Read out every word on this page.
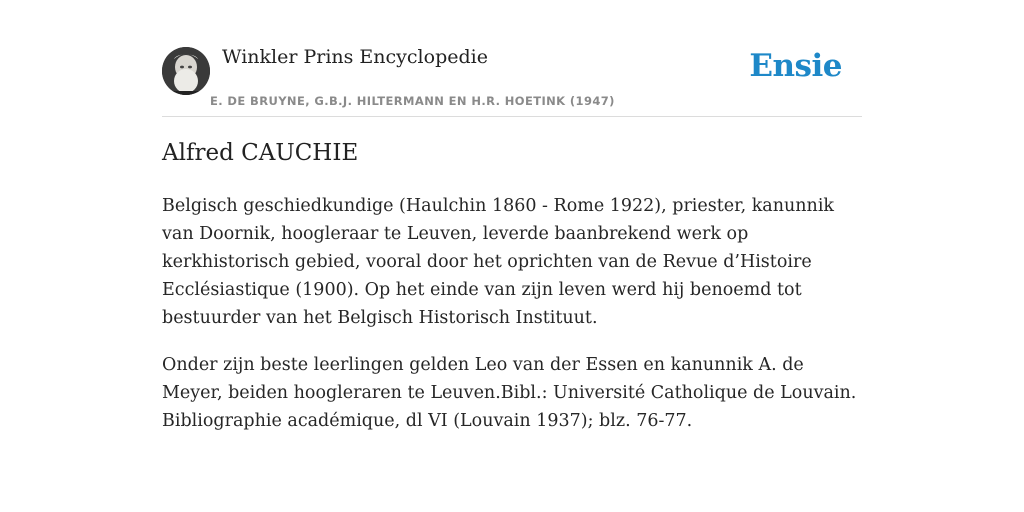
Winkler Prins Encyclopedie
E. DE BRUYNE, G.B.J. HILTERMANN EN H.R. HOETINK (1947)
Ensie
Alfred CAUCHIE

Belgisch geschiedkundige (Haulchin 1860 - Rome 1922), priester, kanunnik van Doornik, hoogleraar te Leuven, leverde baanbrekend werk op kerkhistorisch gebied, vooral door het oprichten van de Revue d’Histoire Ecclésiastique (1900). Op het einde van zijn leven werd hij benoemd tot bestuurder van het Belgisch Historisch Instituut.

Onder zijn beste leerlingen gelden Leo van der Essen en kanunnik A. de Meyer, beiden hoogleraren te Leuven.Bibl.: Université Catholique de Louvain. Bibliographie académique, dl VI (Louvain 1937); blz. 76-77.
